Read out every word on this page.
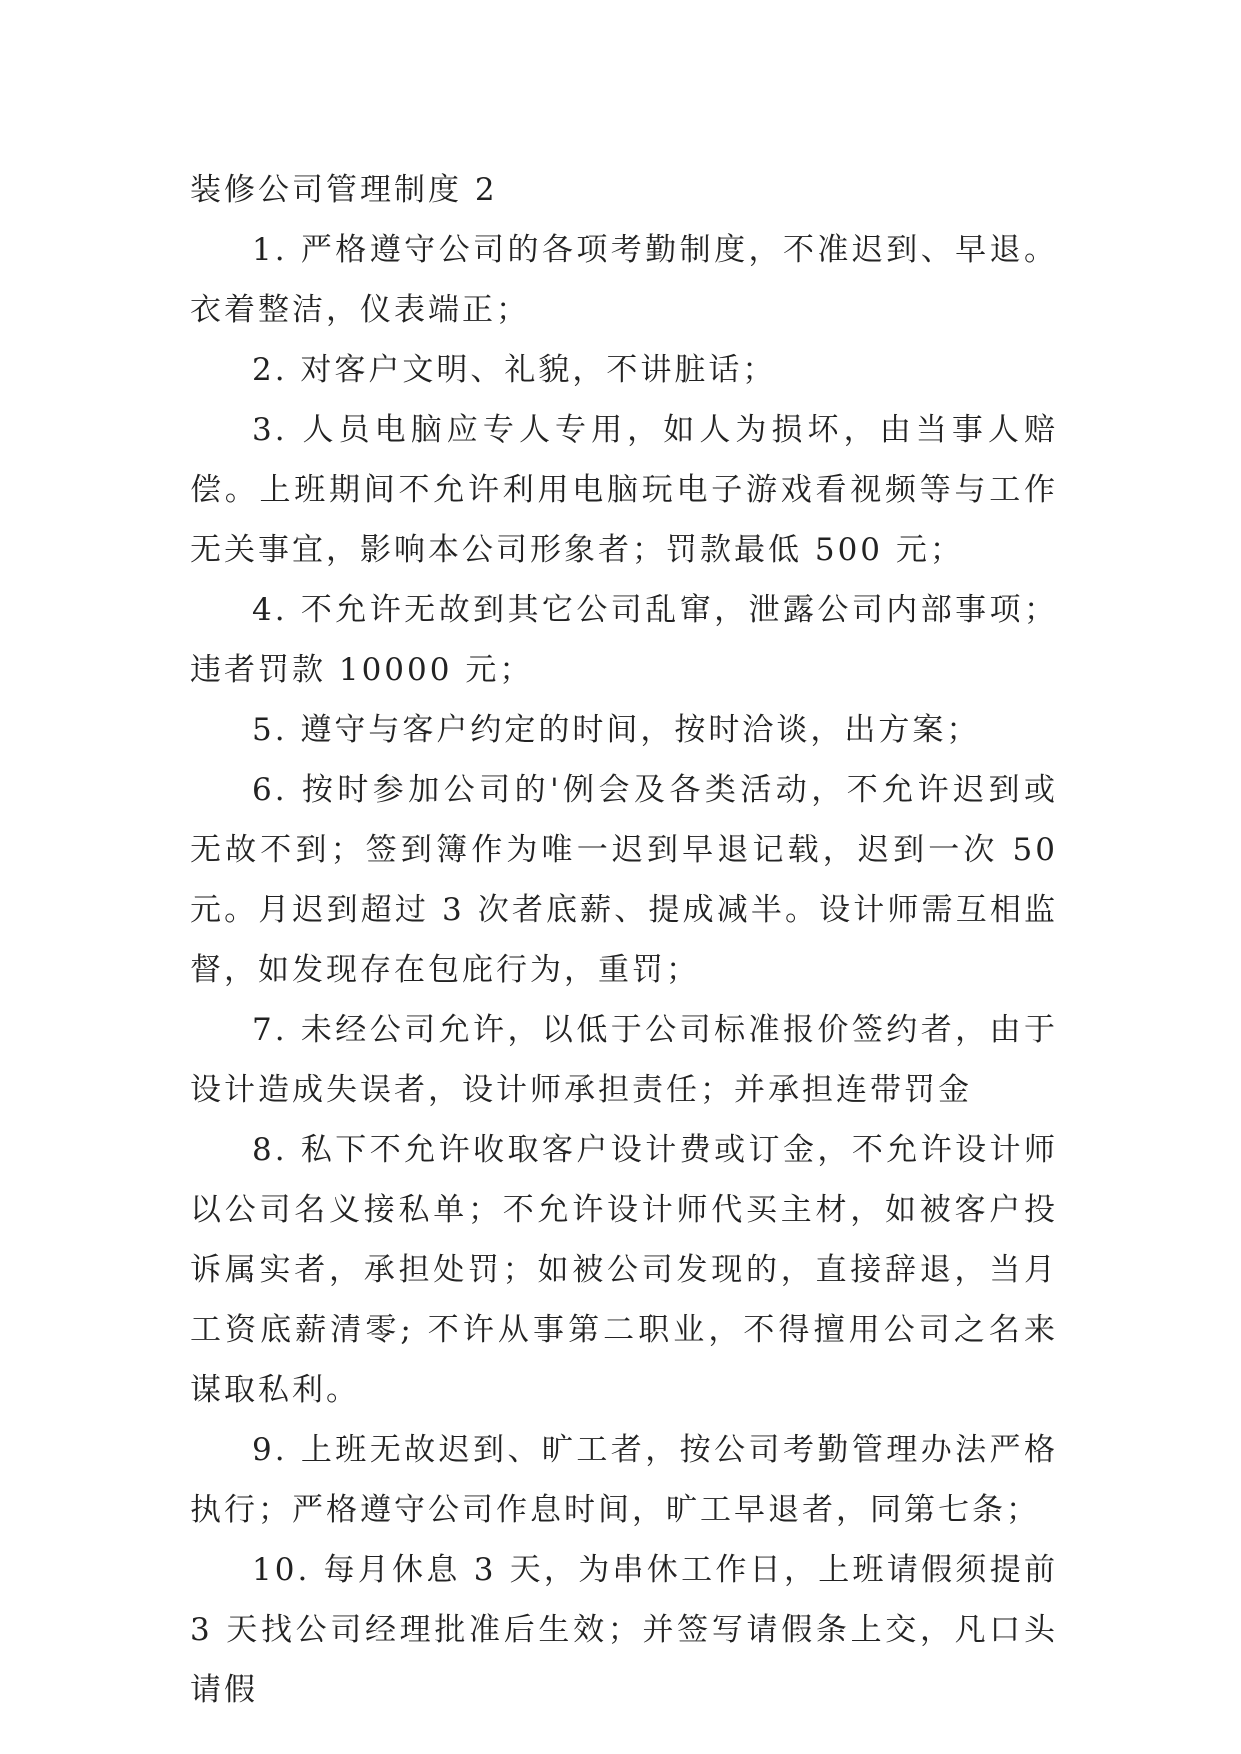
装修公司管理制度 2

1. 严格遵守公司的各项考勤制度，不准迟到、早退。衣着整洁，仪表端正；

2. 对客户文明、礼貌，不讲脏话；

3. 人员电脑应专人专用，如人为损坏，由当事人赔偿。上班期间不允许利用电脑玩电子游戏看视频等与工作无关事宜，影响本公司形象者；罚款最低 500 元；

4. 不允许无故到其它公司乱窜，泄露公司内部事项；违者罚款 10000 元；

5. 遵守与客户约定的时间，按时洽谈，出方案；

6. 按时参加公司的'例会及各类活动，不允许迟到或无故不到；签到簿作为唯一迟到早退记载，迟到一次 50 元。月迟到超过 3 次者底薪、提成减半。设计师需互相监督，如发现存在包庇行为，重罚；

7. 未经公司允许，以低于公司标准报价签约者，由于设计造成失误者，设计师承担责任；并承担连带罚金

8. 私下不允许收取客户设计费或订金，不允许设计师以公司名义接私单；不允许设计师代买主材，如被客户投诉属实者，承担处罚；如被公司发现的，直接辞退，当月工资底薪清零; 不许从事第二职业，不得擅用公司之名来谋取私利。

9. 上班无故迟到、旷工者，按公司考勤管理办法严格执行；严格遵守公司作息时间，旷工早退者，同第七条；

10. 每月休息 3 天，为串休工作日，上班请假须提前 3 天找公司经理批准后生效；并签写请假条上交，凡口头请假
